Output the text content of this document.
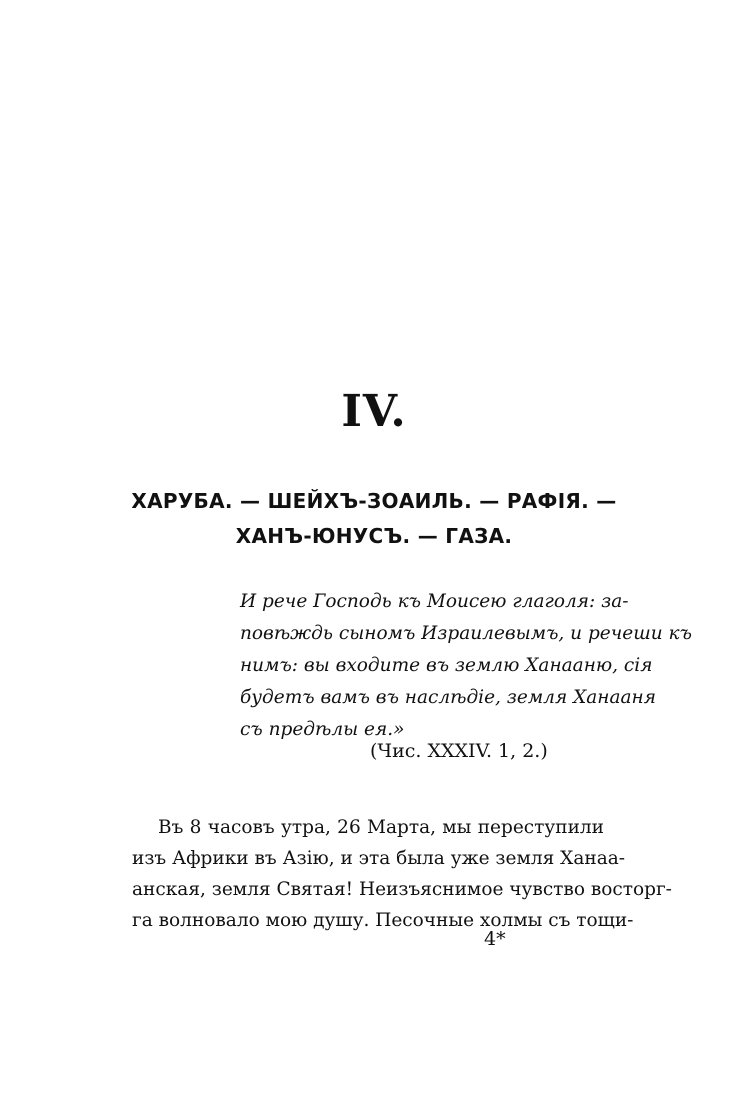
IV.
ХАРУБА. — ШЕЙХЪ-ЗОАИЛЬ. — РАФІЯ. —
ХАНЪ-ЮНУСЪ. — ГАЗА.
И рече Господь къ Моисею глаголя: за-
повѣждь сыномъ Израилевымъ, и речеши къ
нимъ: вы входите въ землю Ханааню, сія
будетъ вамъ въ наслѣдіе, земля Ханааня
съ предѣлы ея.»
(Чис. XXXIV. 1, 2.)
Въ 8 часовъ утра, 26 Марта, мы переступили
изъ Африки въ Азію, и эта была уже земля Ханаа-
анская, земля Святая! Неизъяснимое чувство восторг-
га волновало мою душу. Песочные холмы съ тощи-
4*
